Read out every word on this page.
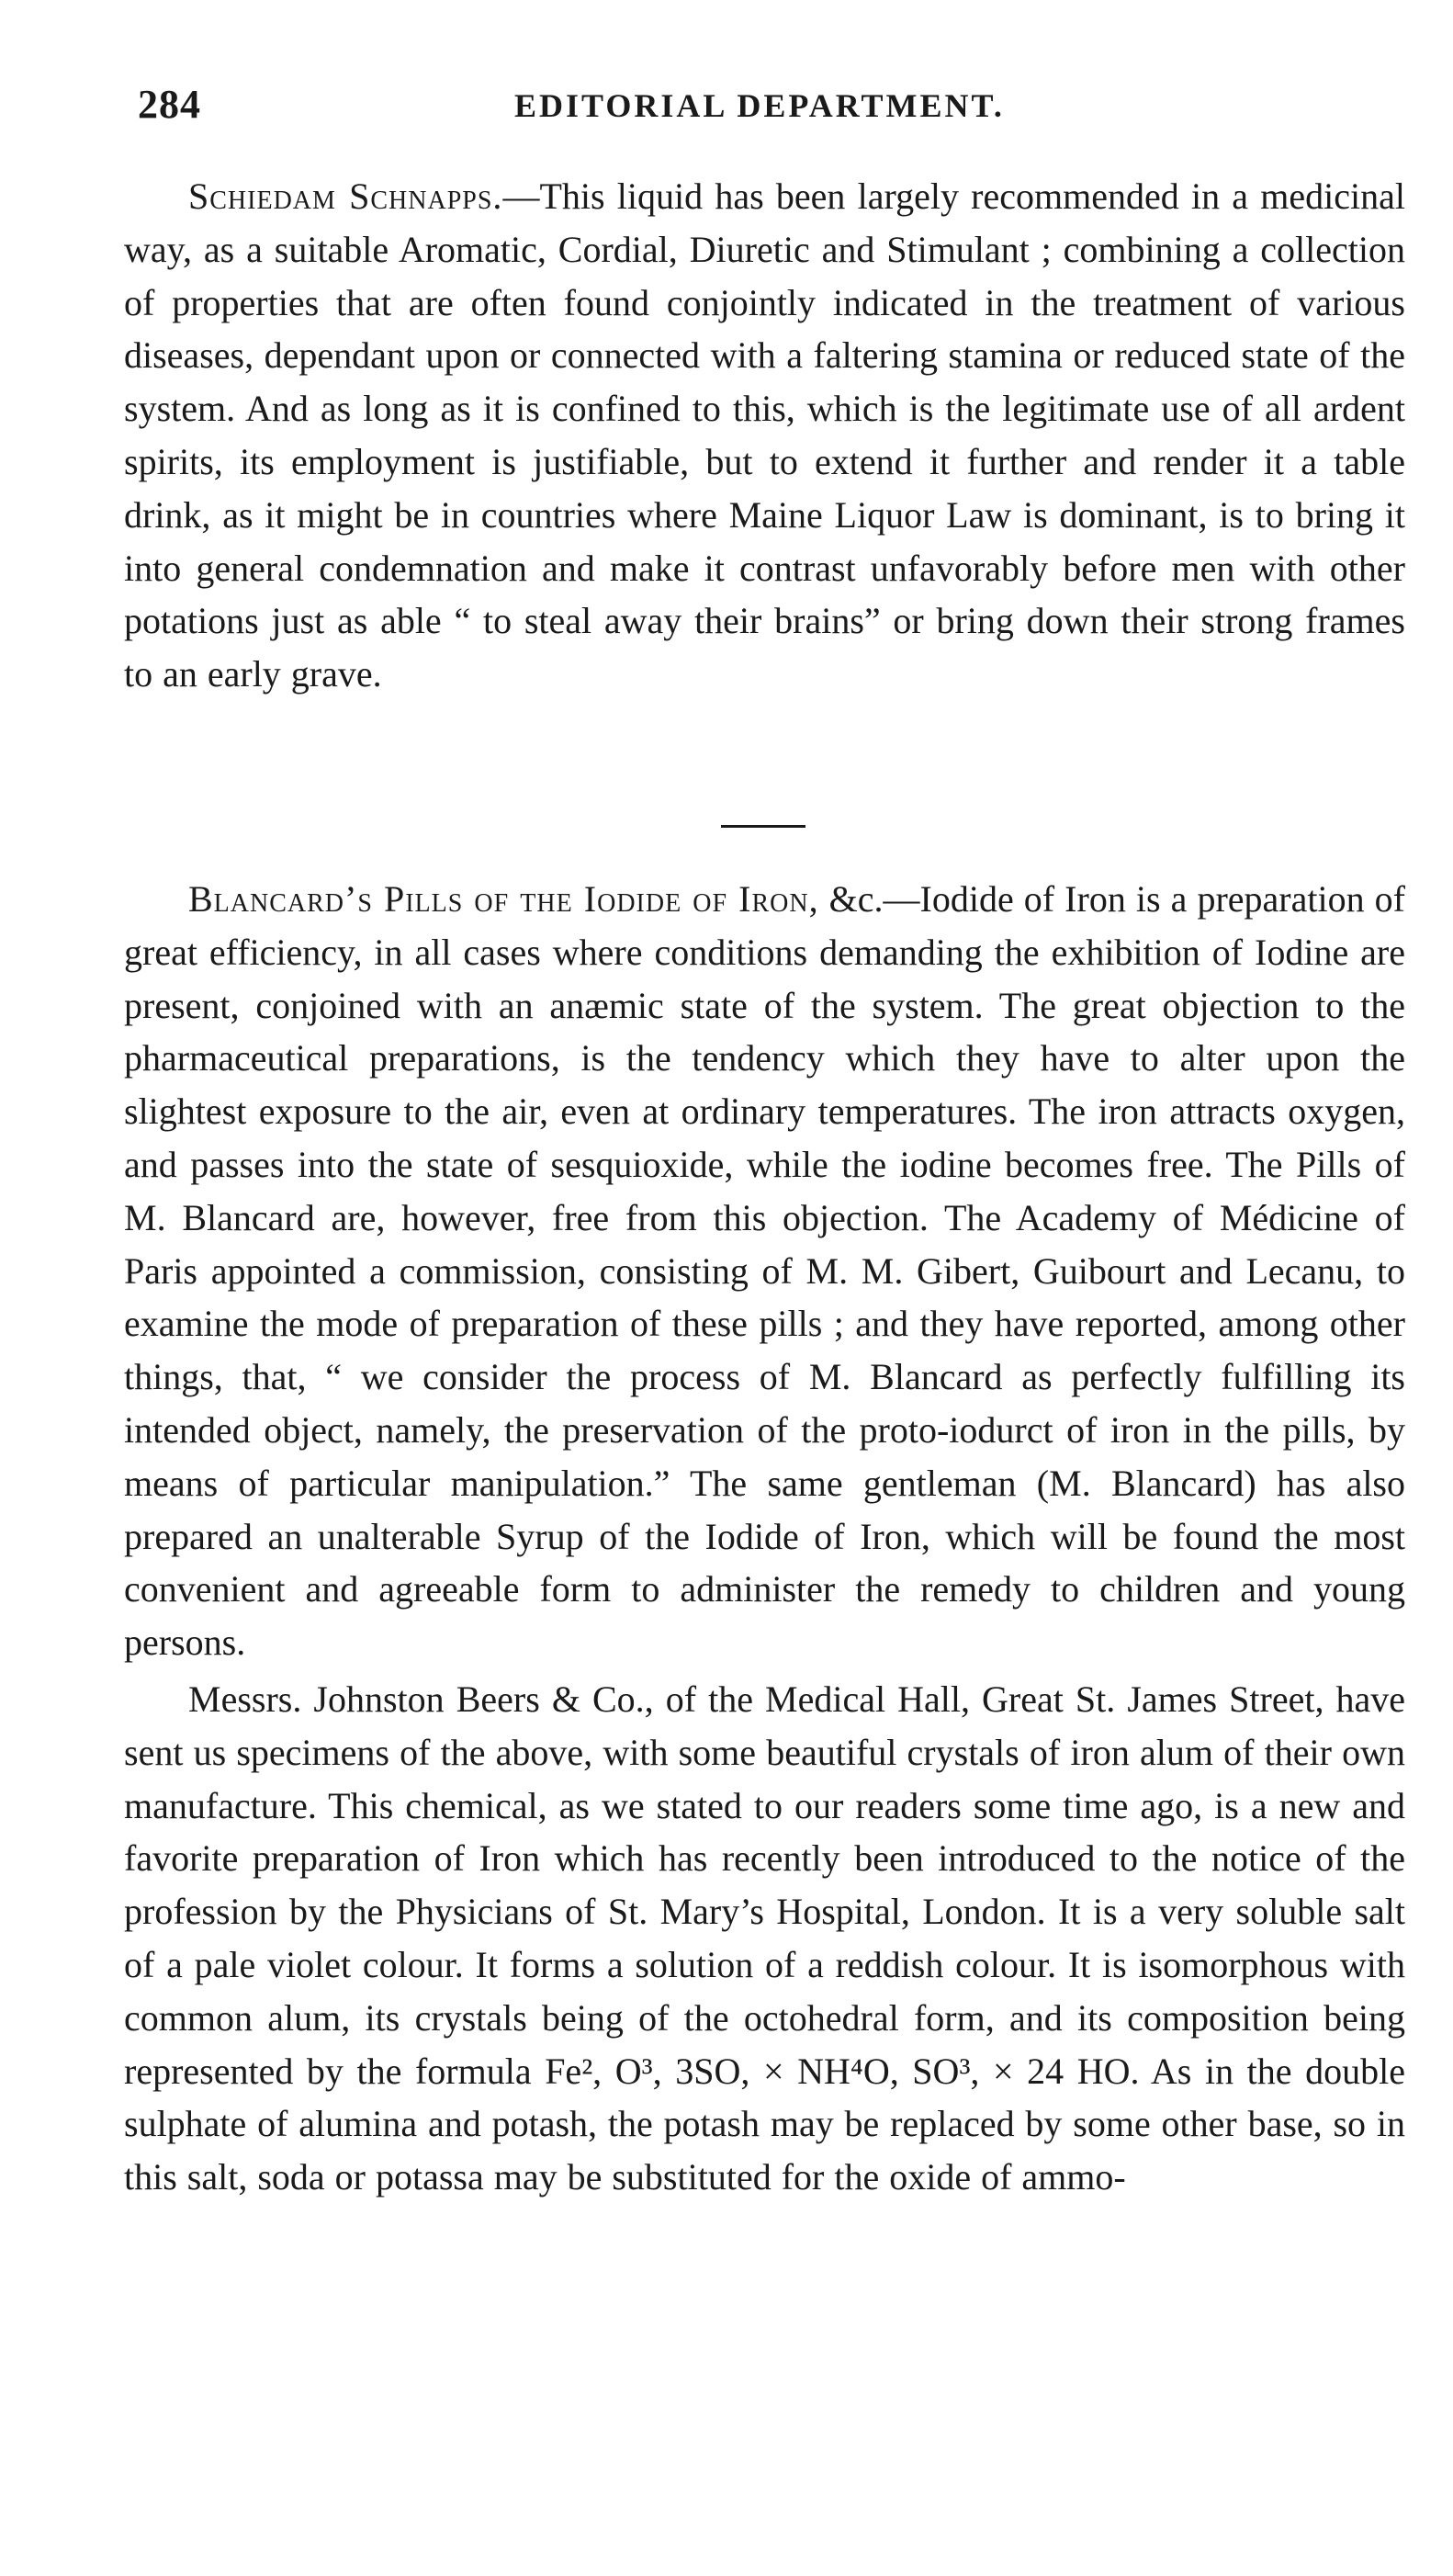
284	EDITORIAL DEPARTMENT.

Schiedam Schnapps.—This liquid has been largely recommended in a medicinal way, as a suitable Aromatic, Cordial, Diuretic and Stimulant ; combining a collection of properties that are often found conjointly indicated in the treatment of various diseases, dependant upon or connected with a faltering stamina or reduced state of the system. And as long as it is confined to this, which is the legitimate use of all ardent spirits, its employment is justifiable, but to extend it further and render it a table drink, as it might be in countries where Maine Liquor Law is dominant, is to bring it into general condemnation and make it contrast unfavorably before men with other potations just as able “ to steal away their brains” or bring down their strong frames to an early grave.

Blancard’s Pills of the Iodide of Iron, &c.—Iodide of Iron is a preparation of great efficiency, in all cases where conditions demanding the exhibition of Iodine are present, conjoined with an anæmic state of the system. The great objection to the pharmaceutical preparations, is the tendency which they have to alter upon the slightest exposure to the air, even at ordinary temperatures. The iron attracts oxygen, and passes into the state of sesquioxide, while the iodine becomes free. The Pills of M. Blancard are, however, free from this objection. The Academy of Médicine of Paris appointed a commission, consisting of M. M. Gibert, Guibourt and Lecanu, to examine the mode of preparation of these pills ; and they have reported, among other things, that, “ we consider the process of M. Blancard as perfectly fulfilling its intended object, namely, the preservation of the proto-iodurct of iron in the pills, by means of particular manipulation.” The same gentleman (M. Blancard) has also prepared an unalterable Syrup of the Iodide of Iron, which will be found the most convenient and agreeable form to administer the remedy to children and young persons.

Messrs. Johnston Beers & Co., of the Medical Hall, Great St. James Street, have sent us specimens of the above, with some beautiful crystals of iron alum of their own manufacture. This chemical, as we stated to our readers some time ago, is a new and favorite preparation of Iron which has recently been introduced to the notice of the profession by the Physicians of St. Mary’s Hospital, London. It is a very soluble salt of a pale violet colour. It forms a solution of a reddish colour. It is isomorphous with common alum, its crystals being of the octohedral form, and its composition being represented by the formula Fe², O³, 3SO, × NH⁴O, SO³, × 24 HO. As in the double sulphate of alumina and potash, the potash may be replaced by some other base, so in this salt, soda or potassa may be substituted for the oxide of ammo-
